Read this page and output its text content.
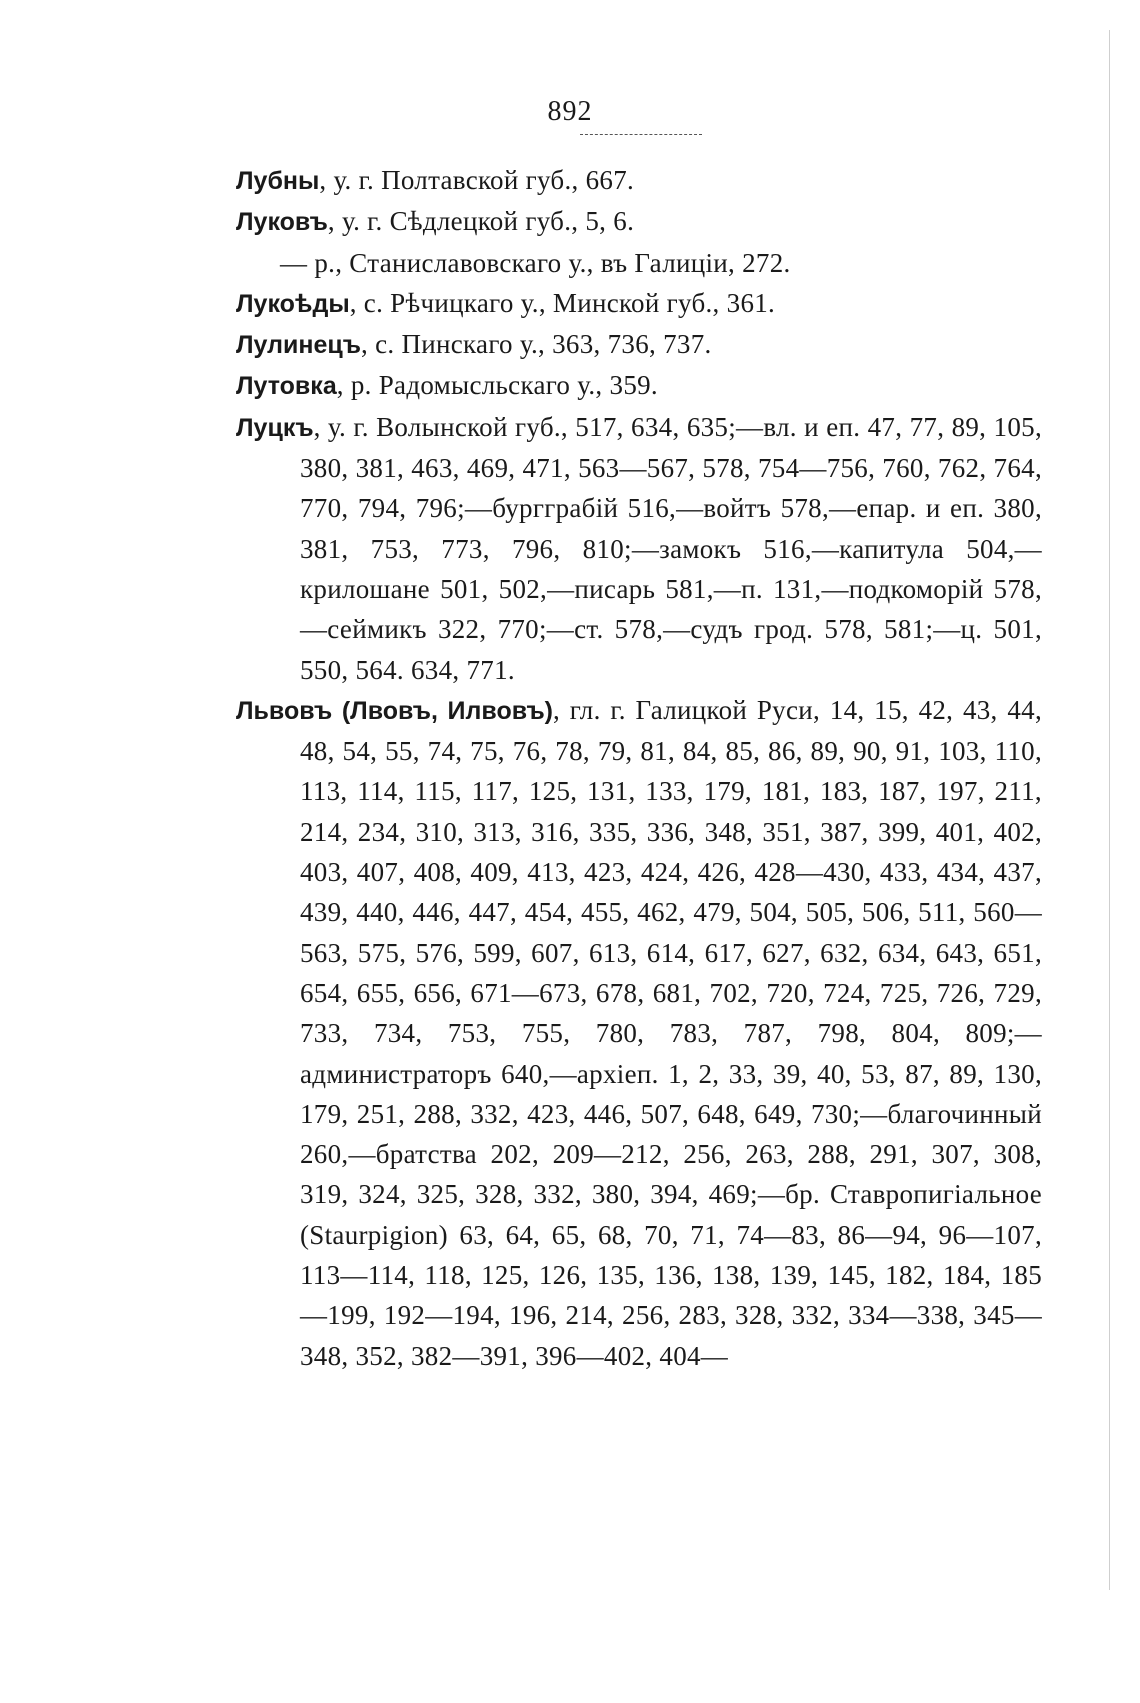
892

Лубны, у. г. Полтавской губ., 667.

Луковъ, у. г. Сѣдлецкой губ., 5, 6.

— р., Станиславовскаго у., въ Галиціи, 272.

Лукоѣды, с. Рѣчицкаго у., Минской губ., 361.

Лулинецъ, с. Пинскаго у., 363, 736, 737.

Лутовка, р. Радомысльскаго у., 359.

Луцкъ, у. г. Волынской губ., 517, 634, 635;—вл. и еп. 47, 77, 89, 105, 380, 381, 463, 469, 471, 563—567, 578, 754—756, 760, 762, 764, 770, 794, 796;—бургграбій 516,—войтъ 578,—епар. и еп. 380, 381, 753, 773, 796, 810;—замокъ 516,—капитула 504,—крилошане 501, 502,—писарь 581,—п. 131,—подкоморій 578,—сеймикъ 322, 770;—ст. 578,—судъ грод. 578, 581;—ц. 501, 550, 564. 634, 771.

Львовъ (Лвовъ, Илвовъ), гл. г. Галицкой Руси, 14, 15, 42, 43, 44, 48, 54, 55, 74, 75, 76, 78, 79, 81, 84, 85, 86, 89, 90, 91, 103, 110, 113, 114, 115, 117, 125, 131, 133, 179, 181, 183, 187, 197, 211, 214, 234, 310, 313, 316, 335, 336, 348, 351, 387, 399, 401, 402, 403, 407, 408, 409, 413, 423, 424, 426, 428—430, 433, 434, 437, 439, 440, 446, 447, 454, 455, 462, 479, 504, 505, 506, 511, 560—563, 575, 576, 599, 607, 613, 614, 617, 627, 632, 634, 643, 651, 654, 655, 656, 671—673, 678, 681, 702, 720, 724, 725, 726, 729, 733, 734, 753, 755, 780, 783, 787, 798, 804, 809;—администраторъ 640,—архіеп. 1, 2, 33, 39, 40, 53, 87, 89, 130, 179, 251, 288, 332, 423, 446, 507, 648, 649, 730;—благочинный 260,—братства 202, 209—212, 256, 263, 288, 291, 307, 308, 319, 324, 325, 328, 332, 380, 394, 469;—бр. Ставропигіальное (Staurpigion) 63, 64, 65, 68, 70, 71, 74—83, 86—94, 96—107, 113—114, 118, 125, 126, 135, 136, 138, 139, 145, 182, 184, 185—199, 192—194, 196, 214, 256, 283, 328, 332, 334—338, 345—348, 352, 382—391, 396—402, 404—
